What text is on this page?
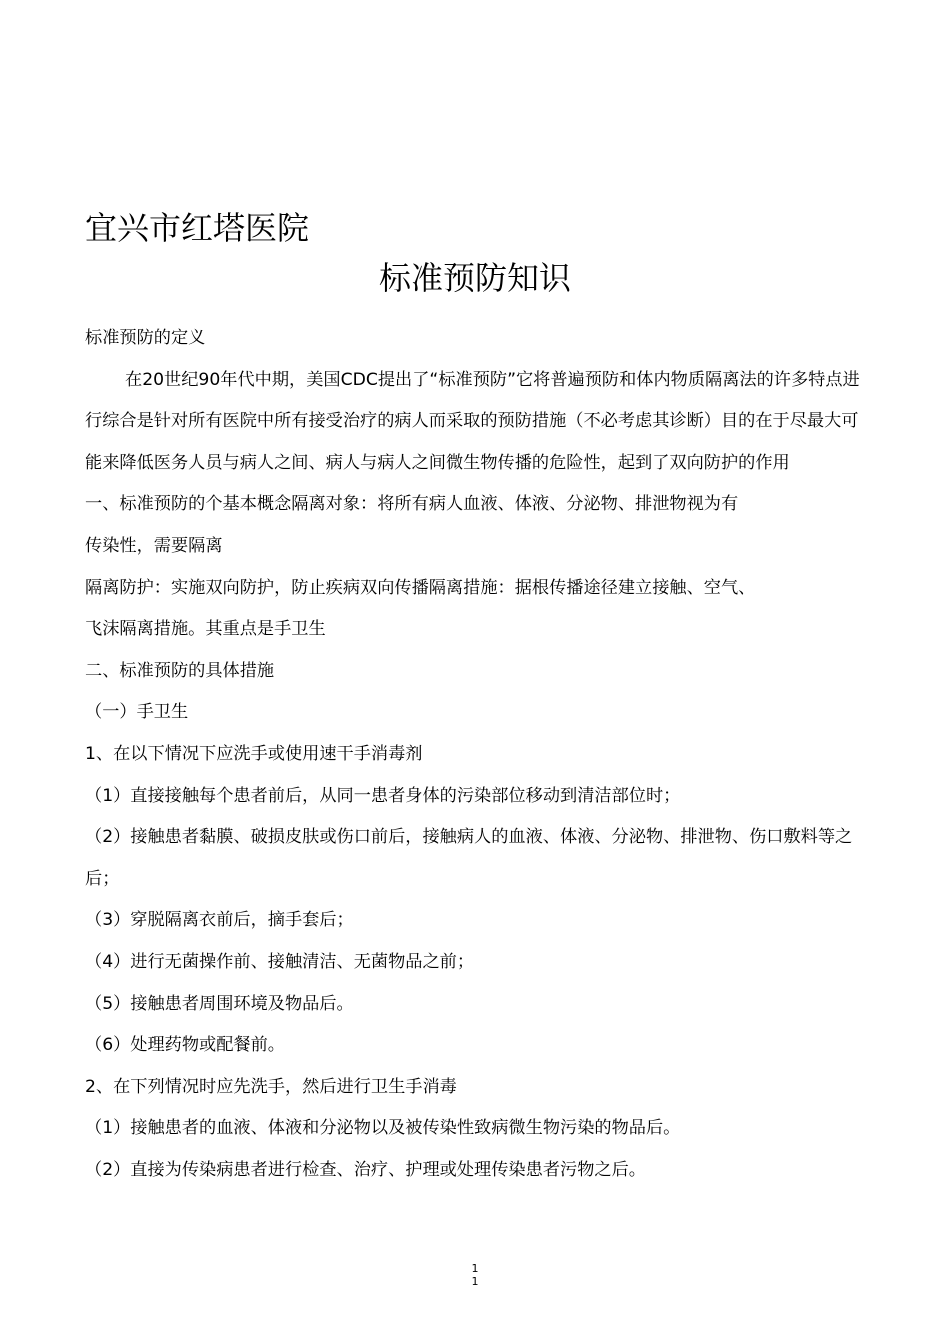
宜兴市红塔医院
标准预防知识

标准预防的定义

在20世纪90年代中期，美国CDC提出了“标准预防”它将普遍预防和体内物质隔离法的许多特点进行综合是针对所有医院中所有接受治疗的病人而采取的预防措施（不必考虑其诊断）目的在于尽最大可能来降低医务人员与病人之间、病人与病人之间微生物传播的危险性，起到了双向防护的作用

一、标准预防的个基本概念隔离对象：将所有病人血液、体液、分泌物、排泄物视为有

传染性，需要隔离

隔离防护：实施双向防护，防止疾病双向传播隔离措施：据根传播途径建立接触、空气、

飞沫隔离措施。其重点是手卫生

二、标准预防的具体措施

（一）手卫生

1、在以下情况下应洗手或使用速干手消毒剂

（1）直接接触每个患者前后，从同一患者身体的污染部位移动到清洁部位时；

（2）接触患者黏膜、破损皮肤或伤口前后，接触病人的血液、体液、分泌物、排泄物、伤口敷料等之后；

（3）穿脱隔离衣前后，摘手套后；

（4）进行无菌操作前、接触清洁、无菌物品之前；

（5）接触患者周围环境及物品后。

（6）处理药物或配餐前。

2、在下列情况时应先洗手，然后进行卫生手消毒

（1）接触患者的血液、体液和分泌物以及被传染性致病微生物污染的物品后。

（2）直接为传染病患者进行检查、治疗、护理或处理传染患者污物之后。

1
1
